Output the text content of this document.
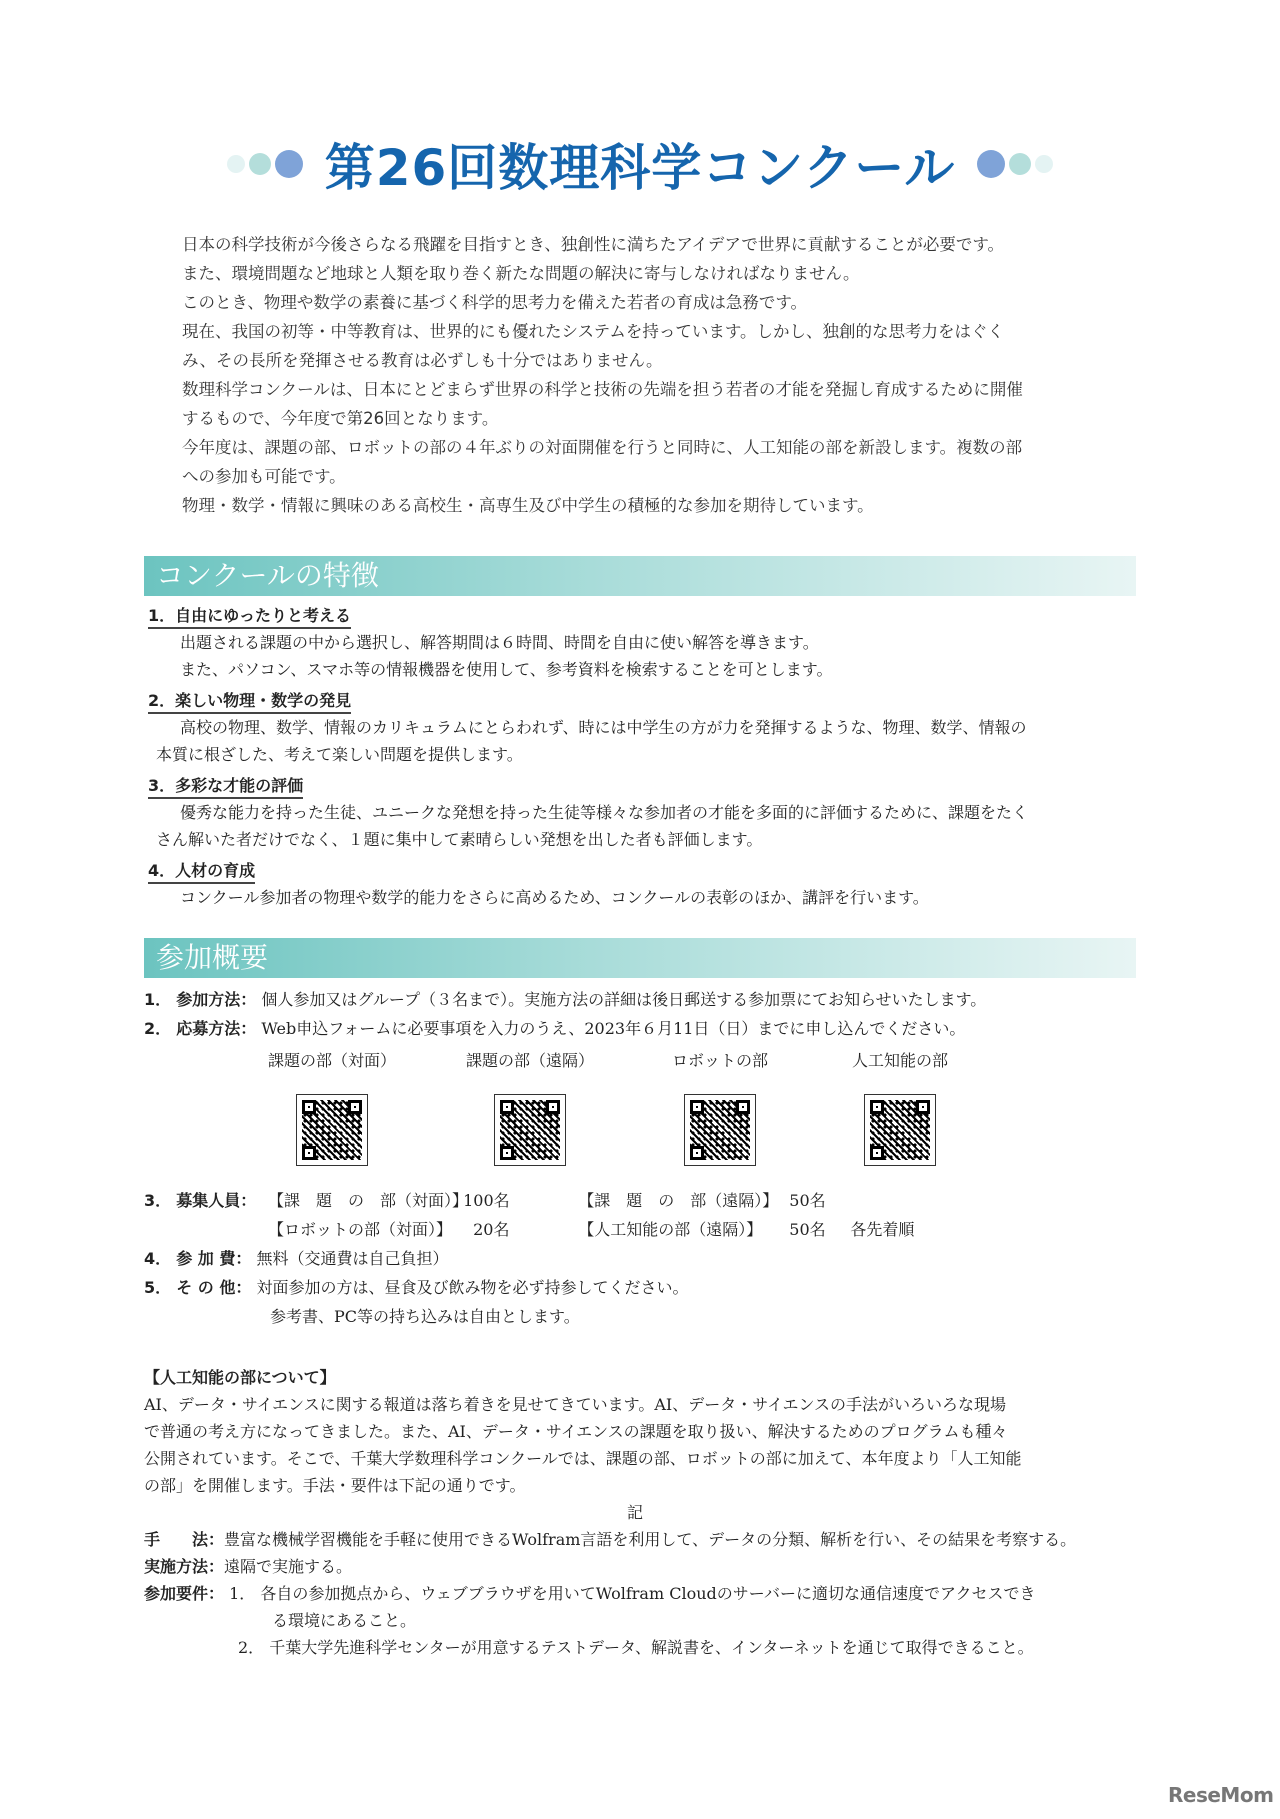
第26回数理科学コンクール

日本の科学技術が今後さらなる飛躍を目指すとき、独創性に満ちたアイデアで世界に貢献することが必要です。

また、環境問題など地球と人類を取り巻く新たな問題の解決に寄与しなければなりません。

このとき、物理や数学の素養に基づく科学的思考力を備えた若者の育成は急務です。

現在、我国の初等・中等教育は、世界的にも優れたシステムを持っています。しかし、独創的な思考力をはぐく

み、その長所を発揮させる教育は必ずしも十分ではありません。

数理科学コンクールは、日本にとどまらず世界の科学と技術の先端を担う若者の才能を発掘し育成するために開催

するもので、今年度で第26回となります。

今年度は、課題の部、ロボットの部の４年ぶりの対面開催を行うと同時に、人工知能の部を新設します。複数の部

への参加も可能です。

物理・数学・情報に興味のある高校生・高専生及び中学生の積極的な参加を期待しています。

コンクールの特徴
1．自由にゆったりと考える
出題される課題の中から選択し、解答期間は６時間、時間を自由に使い解答を導きます。
また、パソコン、スマホ等の情報機器を使用して、参考資料を検索することを可とします。
2．楽しい物理・数学の発見
高校の物理、数学、情報のカリキュラムにとらわれず、時には中学生の方が力を発揮するような、物理、数学、情報の
本質に根ざした、考えて楽しい問題を提供します。
3．多彩な才能の評価
優秀な能力を持った生徒、ユニークな発想を持った生徒等様々な参加者の才能を多面的に評価するために、課題をたく
さん解いた者だけでなく、１題に集中して素晴らしい発想を出した者も評価します。
4．人材の育成
コンクール参加者の物理や数学的能力をさらに高めるため、コンクールの表彰のほか、講評を行います。
参加概要
1． 参加方法： 個人参加又はグループ（３名まで）。実施方法の詳細は後日郵送する参加票にてお知らせいたします。
2． 応募方法： Web申込フォームに必要事項を入力のうえ、2023年６月11日（日）までに申し込んでください。
課題の部（対面）	課題の部（遠隔）	ロボットの部	人工知能の部
3． 募集人員： 【課　題　の　部（対面）】 100名	【課　題　の　部（遠隔）】 50名
【ロボットの部（対面）】 20名	【人工知能の部（遠隔）】 50名 各先着順
4． 参 加 費： 無料（交通費は自己負担）
5． そ の 他： 対面参加の方は、昼食及び飲み物を必ず持参してください。
参考書、PC等の持ち込みは自由とします。
【人工知能の部について】
AI、データ・サイエンスに関する報道は落ち着きを見せてきています。AI、データ・サイエンスの手法がいろいろな現場
で普通の考え方になってきました。また、AI、データ・サイエンスの課題を取り扱い、解決するためのプログラムも種々
公開されています。そこで、千葉大学数理科学コンクールでは、課題の部、ロボットの部に加えて、本年度より「人工知能
の部」を開催します。手法・要件は下記の通りです。
記
手　　法：豊富な機械学習機能を手軽に使用できるWolfram言語を利用して、データの分類、解析を行い、その結果を考察する。
実施方法：遠隔で実施する。
参加要件： 1． 各自の参加拠点から、ウェブブラウザを用いてWolfram Cloudのサーバーに適切な通信速度でアクセスでき
る環境にあること。
2． 千葉大学先進科学センターが用意するテストデータ、解説書を、インターネットを通じて取得できること。
ReseMom
